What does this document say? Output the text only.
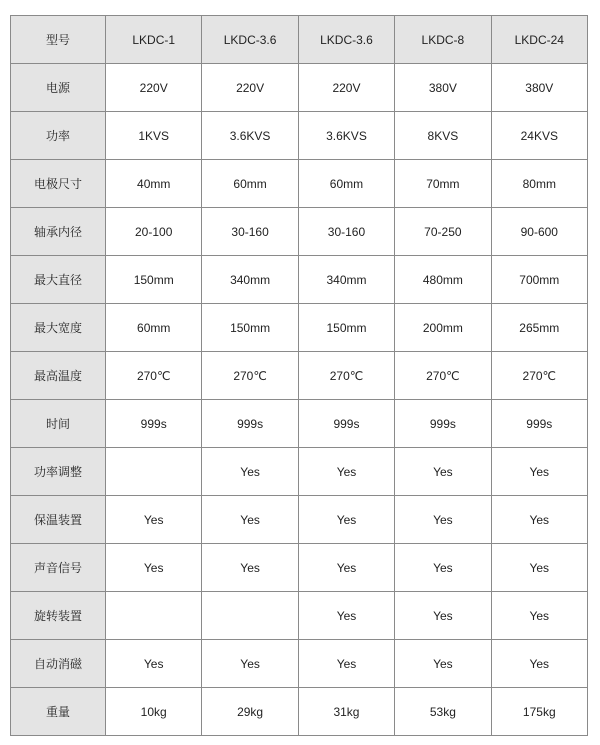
型号	LKDC-1	LKDC-3.6	LKDC-3.6	LKDC-8	LKDC-24
电源	220V	220V	220V	380V	380V
功率	1KVS	3.6KVS	3.6KVS	8KVS	24KVS
电极尺寸	40mm	60mm	60mm	70mm	80mm
轴承内径	20-100	30-160	30-160	70-250	90-600
最大直径	150mm	340mm	340mm	480mm	700mm
最大宽度	60mm	150mm	150mm	200mm	265mm
最高温度	270℃	270℃	270℃	270℃	270℃
时间	999s	999s	999s	999s	999s
功率调整		Yes	Yes	Yes	Yes
保温装置	Yes	Yes	Yes	Yes	Yes
声音信号	Yes	Yes	Yes	Yes	Yes
旋转装置			Yes	Yes	Yes
自动消磁	Yes	Yes	Yes	Yes	Yes
重量	10kg	29kg	31kg	53kg	175kg
